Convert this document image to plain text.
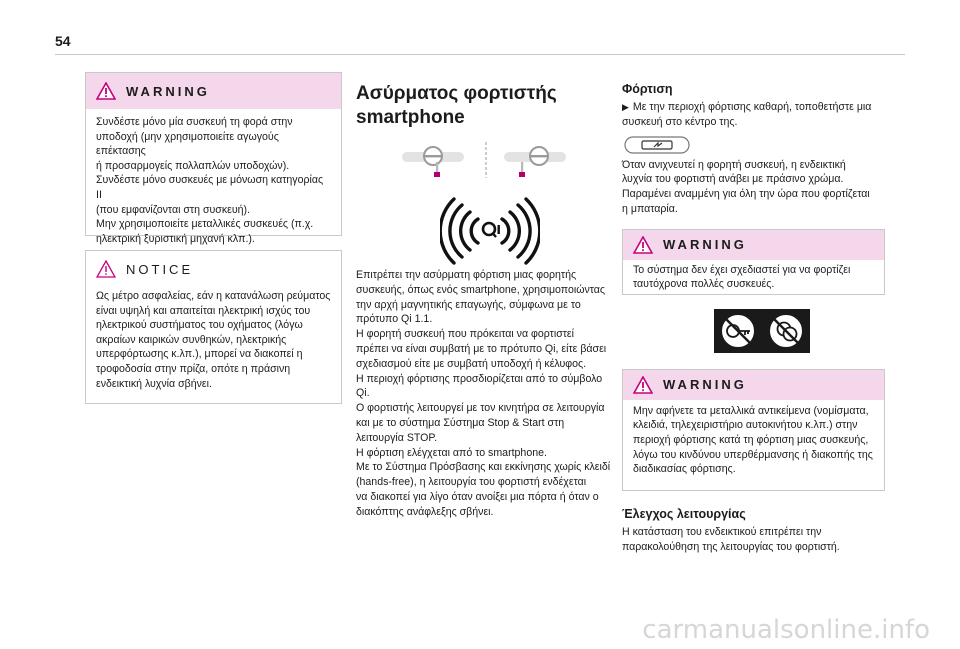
54
WARNING
Συνδέστε μόνο μία συσκευή τη φορά στην
υποδοχή (μην χρησιμοποιείτε αγωγούς επέκτασης
ή προσαρμογείς πολλαπλών υποδοχών).
Συνδέστε μόνο συσκευές με μόνωση κατηγορίας ΙΙ
(που εμφανίζονται στη συσκευή).
Μην χρησιμοποιείτε μεταλλικές συσκευές (π.χ.
ηλεκτρική ξυριστική μηχανή κλπ.).
NOTICE
Ως μέτρο ασφαλείας, εάν η κατανάλωση ρεύματος
είναι υψηλή και απαιτείται ηλεκτρική ισχύς του
ηλεκτρικού συστήματος του οχήματος (λόγω
ακραίων καιρικών συνθηκών, ηλεκτρικής
υπερφόρτωσης κ.λπ.), μπορεί να διακοπεί η
τροφοδοσία στην πρίζα, οπότε η πράσινη
ενδεικτική λυχνία σβήνει.
Ασύρματος φορτιστής
smartphone
Επιτρέπει την ασύρματη φόρτιση μιας φορητής
συσκευής, όπως ενός smartphone, χρησιμοποιώντας
την αρχή μαγνητικής επαγωγής, σύμφωνα με το
πρότυπο Qi 1.1.
Η φορητή συσκευή που πρόκειται να φορτιστεί
πρέπει να είναι συμβατή με το πρότυπο Qi, είτε βάσει
σχεδιασμού είτε με συμβατή υποδοχή ή κέλυφος.
Η περιοχή φόρτισης προσδιορίζεται από το σύμβολο
Qi.
Ο φορτιστής λειτουργεί με τον κινητήρα σε λειτουργία
και με το σύστημα Σύστημα Stop & Start στη
λειτουργία STOP.
Η φόρτιση ελέγχεται από το smartphone.
Με το Σύστημα Πρόσβασης και εκκίνησης χωρίς κλειδί
(hands-free), η λειτουργία του φορτιστή ενδέχεται
να διακοπεί για λίγο όταν ανοίξει μια πόρτα ή όταν ο
διακόπτης ανάφλεξης σβήνει.
Φόρτιση
▶ Με την περιοχή φόρτισης καθαρή, τοποθετήστε μια
συσκευή στο κέντρο της.
Όταν ανιχνευτεί η φορητή συσκευή, η ενδεικτική
λυχνία του φορτιστή ανάβει με πράσινο χρώμα.
Παραμένει αναμμένη για όλη την ώρα που φορτίζεται
η μπαταρία.
WARNING
Το σύστημα δεν έχει σχεδιαστεί για να φορτίζει
ταυτόχρονα πολλές συσκευές.
WARNING
Μην αφήνετε τα μεταλλικά αντικείμενα (νομίσματα,
κλειδιά, τηλεχειριστήριο αυτοκινήτου κ.λπ.) στην
περιοχή φόρτισης κατά τη φόρτιση μιας συσκευής,
λόγω του κινδύνου υπερθέρμανσης ή διακοπής της
διαδικασίας φόρτισης.
Έλεγχος λειτουργίας
Η κατάσταση του ενδεικτικού επιτρέπει την
παρακολούθηση της λειτουργίας του φορτιστή.
carmanualsonline.info
